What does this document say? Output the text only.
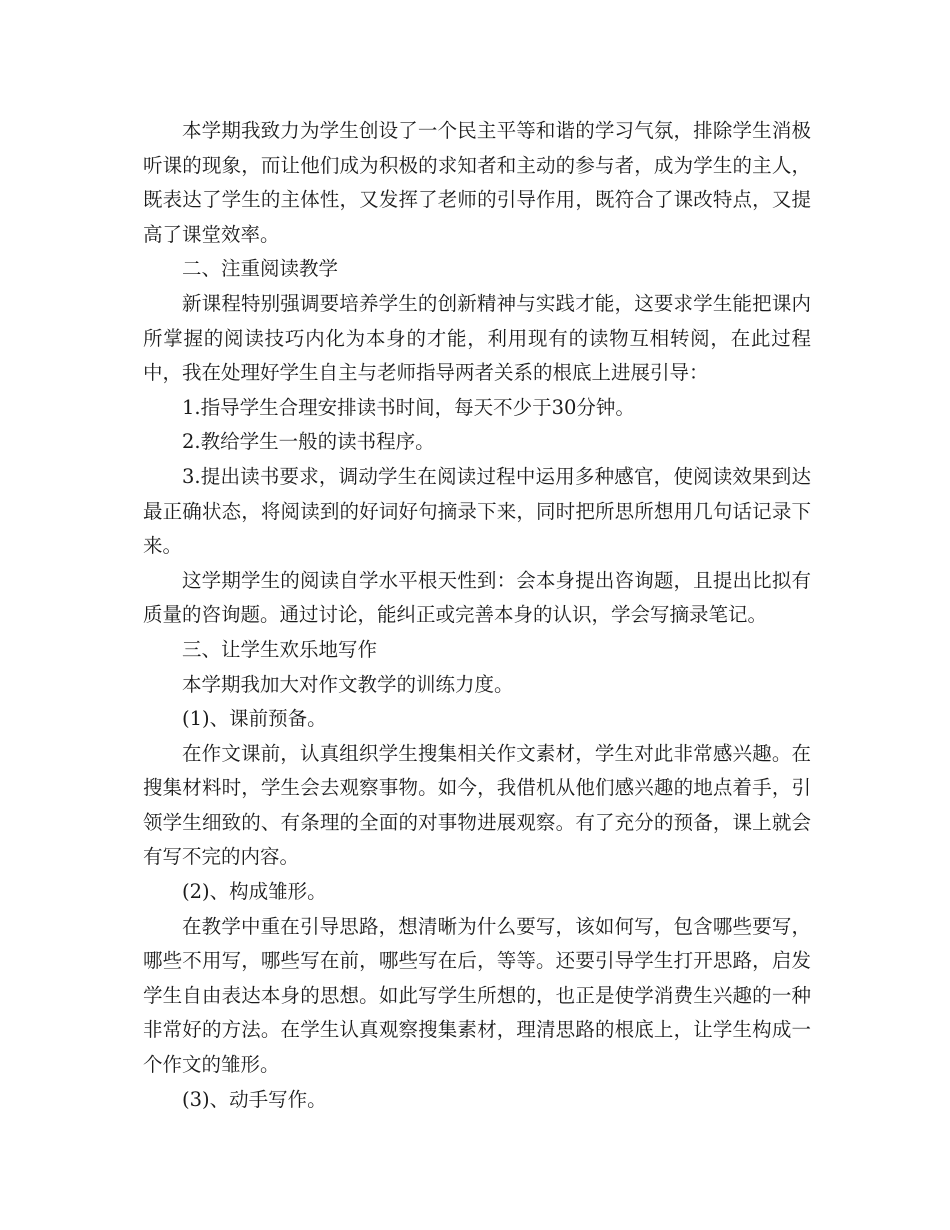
本学期我致力为学生创设了一个民主平等和谐的学习气氛，排除学生消极听课的现象，而让他们成为积极的求知者和主动的参与者，成为学生的主人，既表达了学生的主体性，又发挥了老师的引导作用，既符合了课改特点，又提高了课堂效率。

二、注重阅读教学

新课程特别强调要培养学生的创新精神与实践才能，这要求学生能把课内所掌握的阅读技巧内化为本身的才能，利用现有的读物互相转阅，在此过程中，我在处理好学生自主与老师指导两者关系的根底上进展引导：

1.指导学生合理安排读书时间，每天不少于30分钟。

2.教给学生一般的读书程序。

3.提出读书要求，调动学生在阅读过程中运用多种感官，使阅读效果到达最正确状态，将阅读到的好词好句摘录下来，同时把所思所想用几句话记录下来。

这学期学生的阅读自学水平根天性到：会本身提出咨询题，且提出比拟有质量的咨询题。通过讨论，能纠正或完善本身的认识，学会写摘录笔记。

三、让学生欢乐地写作

本学期我加大对作文教学的训练力度。

(1)、课前预备。

在作文课前，认真组织学生搜集相关作文素材，学生对此非常感兴趣。在搜集材料时，学生会去观察事物。如今，我借机从他们感兴趣的地点着手，引领学生细致的、有条理的全面的对事物进展观察。有了充分的预备，课上就会有写不完的内容。

(2)、构成雏形。

在教学中重在引导思路，想清晰为什么要写，该如何写，包含哪些要写，哪些不用写，哪些写在前，哪些写在后，等等。还要引导学生打开思路，启发学生自由表达本身的思想。如此写学生所想的，也正是使学消费生兴趣的一种非常好的方法。在学生认真观察搜集素材，理清思路的根底上，让学生构成一个作文的雏形。

(3)、动手写作。
